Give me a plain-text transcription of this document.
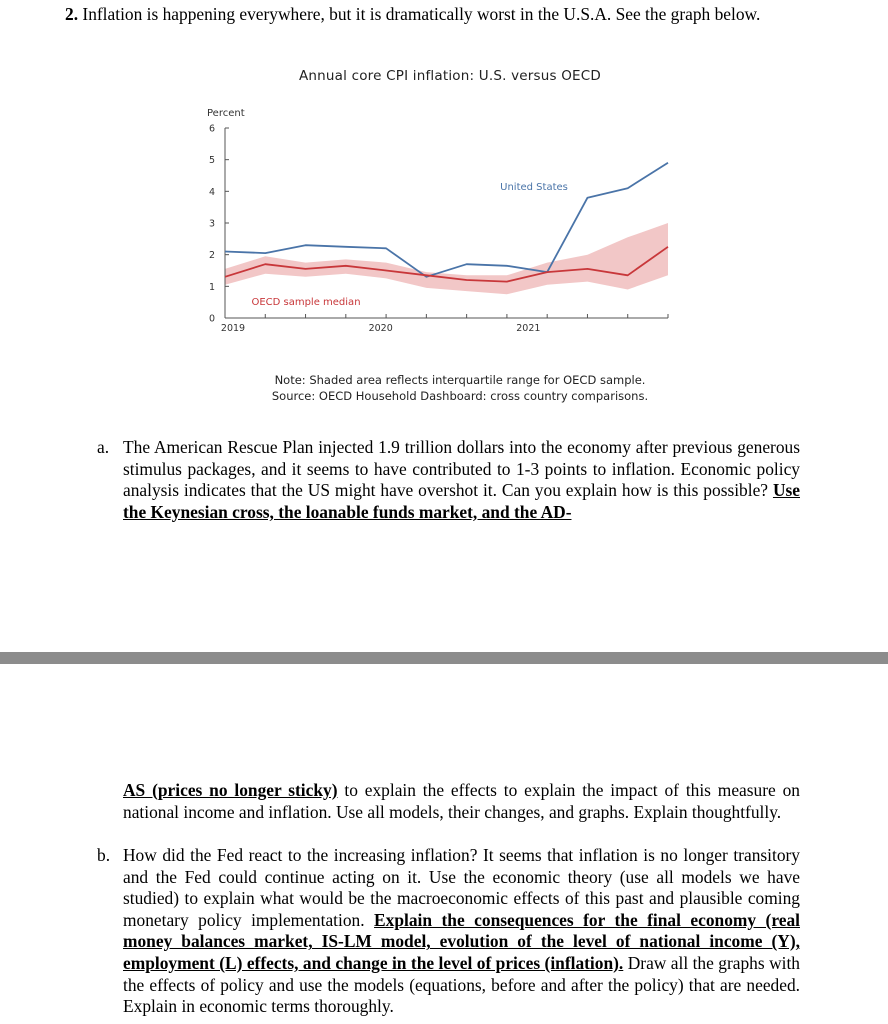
2. Inflation is happening everywhere, but it is dramatically worst in the U.S.A. See the graph below.
Annual core CPI inflation: U.S. versus OECD
Percent
0
1
2
3
4
5
6
2019	2020	2021
United States
OECD sample median
Note: Shaded area reflects interquartile range for OECD sample.
Source: OECD Household Dashboard: cross country comparisons.
a. The American Rescue Plan injected 1.9 trillion dollars into the economy after previous generous stimulus packages, and it seems to have contributed to 1-3 points to inflation. Economic policy analysis indicates that the US might have overshot it. Can you explain how is this possible? Use the Keynesian cross, the loanable funds market, and the AD-
AS (prices no longer sticky) to explain the effects to explain the impact of this measure on national income and inflation. Use all models, their changes, and graphs. Explain thoughtfully.
b. How did the Fed react to the increasing inflation? It seems that inflation is no longer transitory and the Fed could continue acting on it. Use the economic theory (use all models we have studied) to explain what would be the macroeconomic effects of this past and plausible coming monetary policy implementation. Explain the consequences for the final economy (real money balances market, IS-LM model, evolution of the level of national income (Y), employment (L) effects, and change in the level of prices (inflation). Draw all the graphs with the effects of policy and use the models (equations, before and after the policy) that are needed. Explain in economic terms thoroughly.
